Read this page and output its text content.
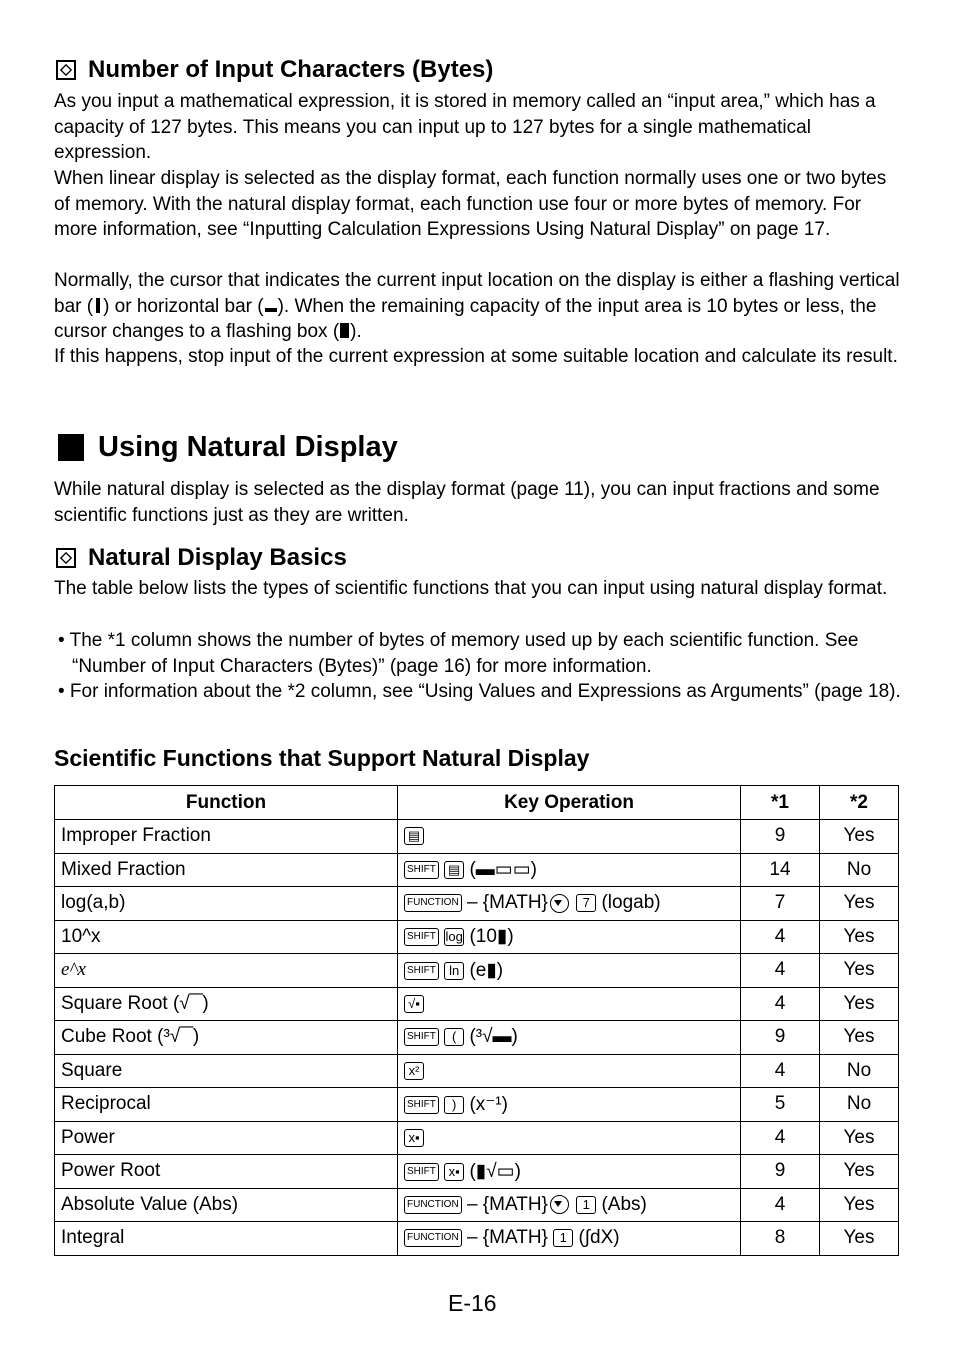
Number of Input Characters (Bytes)
As you input a mathematical expression, it is stored in memory called an “input area,” which has a capacity of 127 bytes. This means you can input up to 127 bytes for a single mathematical expression.
When linear display is selected as the display format, each function normally uses one or two bytes of memory. With the natural display format, each function use four or more bytes of memory. For more information, see “Inputting Calculation Expressions Using Natural Display” on page 17.
Normally, the cursor that indicates the current input location on the display is either a flashing vertical bar ( ) or horizontal bar ( ). When the remaining capacity of the input area is 10 bytes or less, the cursor changes to a flashing box ( ).
If this happens, stop input of the current expression at some suitable location and calculate its result.
Using Natural Display
While natural display is selected as the display format (page 11), you can input fractions and some scientific functions just as they are written.
Natural Display Basics
The table below lists the types of scientific functions that you can input using natural display format.
• The *1 column shows the number of bytes of memory used up by each scientific function. See “Number of Input Characters (Bytes)” (page 16) for more information.
• For information about the *2 column, see “Using Values and Expressions as Arguments” (page 18).
Scientific Functions that Support Natural Display
Function	Key Operation	*1	*2
Improper Fraction	▤	9	Yes
Mixed Fraction	SHIFT ▤ (▬▭▭)	14	No
log(a,b)	FUNCTION – {MATH} 7 (logab)	7	Yes
10^x	SHIFT log (10▮)	4	Yes
e^x	SHIFT ln (e▮)	4	Yes
Square Root (√‾‾)	√▪	4	Yes
Cube Root (³√‾‾)	SHIFT ( (³√▬)	9	Yes
Square	x²	4	No
Reciprocal	SHIFT ) (x⁻¹)	5	No
Power	x▪	4	Yes
Power Root	SHIFT x▪ (▮√▭)	9	Yes
Absolute Value (Abs)	FUNCTION – {MATH} 1 (Abs)	4	Yes
Integral	FUNCTION – {MATH} 1 (∫dX)	8	Yes
E-16
